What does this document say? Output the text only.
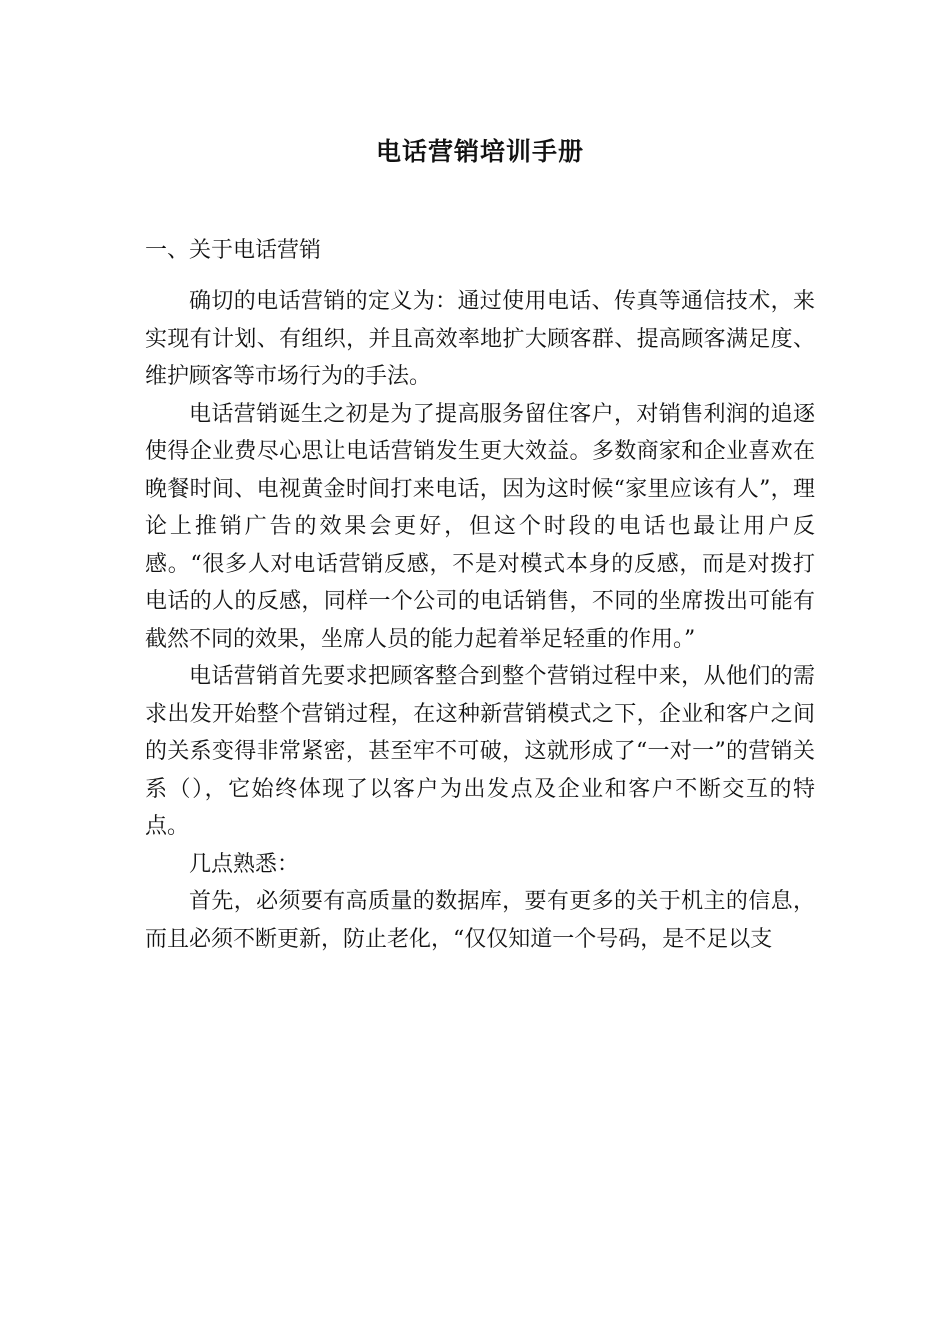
电话营销培训手册
一、关于电话营销

确切的电话营销的定义为：通过使用电话、传真等通信技术，来实现有计划、有组织，并且高效率地扩大顾客群、提高顾客满足度、维护顾客等市场行为的手法。

电话营销诞生之初是为了提高服务留住客户，对销售利润的追逐使得企业费尽心思让电话营销发生更大效益。多数商家和企业喜欢在晚餐时间、电视黄金时间打来电话，因为这时候“家里应该有人”，理论上推销广告的效果会更好，但这个时段的电话也最让用户反感。“很多人对电话营销反感，不是对模式本身的反感，而是对拨打电话的人的反感，同样一个公司的电话销售，不同的坐席拨出可能有截然不同的效果，坐席人员的能力起着举足轻重的作用。”

电话营销首先要求把顾客整合到整个营销过程中来，从他们的需求出发开始整个营销过程，在这种新营销模式之下，企业和客户之间的关系变得非常紧密，甚至牢不可破，这就形成了“一对一”的营销关系（），它始终体现了以客户为出发点及企业和客户不断交互的特点。

几点熟悉：

首先，必须要有高质量的数据库，要有更多的关于机主的信息，而且必须不断更新，防止老化，“仅仅知道一个号码，是不足以支
